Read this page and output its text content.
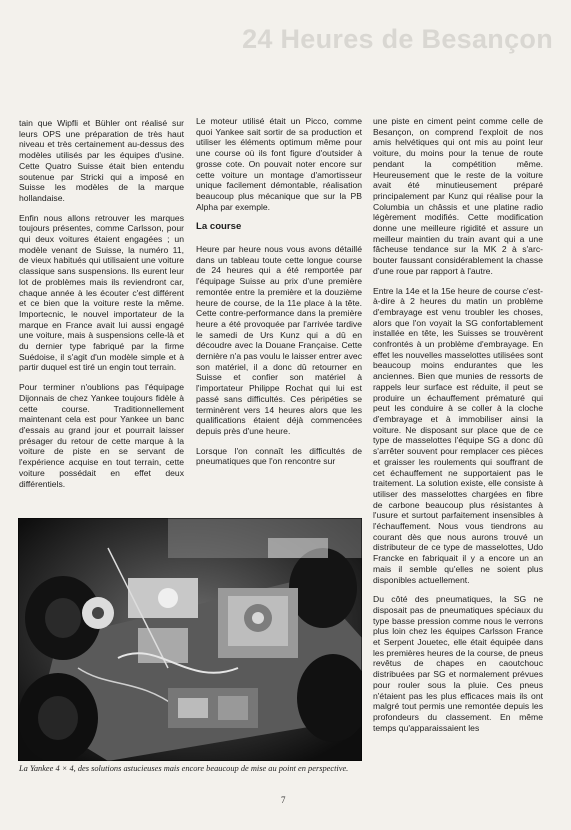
24 Heures de Besançon

tain que Wipfli et Bühler ont réalisé sur leurs OPS une préparation de très haut niveau et très certainement au-dessus des modèles utilisés par les équipes d'usine. Cette Quatro Suisse était bien entendu soutenue par Stricki qui a imposé en Suisse les modèles de la marque hollandaise.

Enfin nous allons retrouver les marques toujours présentes, comme Carlsson, pour qui deux voitures étaient engagées ; un modèle venant de Suisse, la numéro 11, de vieux habitués qui utilisaient une voiture classique sans suspensions. Ils eurent leur lot de problèmes mais ils reviendront car, chaque année à les écouter c'est différent et ce bien que la voiture reste la même. Importecnic, le nouvel importateur de la marque en France avait lui aussi engagé une voiture, mais à suspensions celle-là et du dernier type fabriqué par la firme Suédoise, il s'agit d'un modèle simple et à partir duquel est tiré un engin tout terrain.

Pour terminer n'oublions pas l'équipage Dijonnais de chez Yankee toujours fidèle à cette course. Traditionnellement maintenant cela est pour Yankee un banc d'essais au grand jour et pourrait laisser présager du retour de cette marque à la voiture de piste en se servant de l'expérience acquise en tout terrain, cette voiture possédait en effet deux différentiels.

Le moteur utilisé était un Picco, comme quoi Yankee sait sortir de sa production et utiliser les éléments optimum même pour une course où ils font figure d'outsider à grosse cote. On pouvait noter encore sur cette voiture un montage d'amortisseur unique facilement démontable, réalisation beaucoup plus mécanique que sur la PB Alpha par exemple.

La course

Heure par heure nous vous avons détaillé dans un tableau toute cette longue course de 24 heures qui a été remportée par l'équipage Suisse au prix d'une première remontée entre la première et la douzième heure de course, de la 11e place à la tête. Cette contre-performance dans la première heure a été provoquée par l'arrivée tardive le samedi de Urs Kunz qui a dû en découdre avec la Douane Française. Cette dernière n'a pas voulu le laisser entrer avec son matériel, il a donc dû retourner en Suisse et confier son matériel à l'importateur Philippe Rochat qui lui est passé sans difficultés. Ces péripéties se terminèrent vers 14 heures alors que les qualifications étaient déjà commencées depuis près d'une heure.

Lorsque l'on connaît les difficultés de pneumatiques que l'on rencontre sur

une piste en ciment peint comme celle de Besançon, on comprend l'exploit de nos amis helvétiques qui ont mis au point leur voiture, du moins pour la tenue de route pendant la compétition même. Heureusement que le reste de la voiture avait été minutieusement préparé principalement par Kunz qui réalise pour la Columbia un châssis et une platine radio légèrement modifiés. Cette modification donne une meilleure rigidité et assure un meilleur maintien du train avant qui a une fâcheuse tendance sur la MK 2 à s'arc-bouter faussant considérablement la chasse d'une roue par rapport à l'autre.

Entre la 14e et la 15e heure de course c'est-à-dire à 2 heures du matin un problème d'embrayage est venu troubler les choses, alors que l'on voyait la SG confortablement installée en tête, les Suisses se trouvèrent confrontés à un problème d'embrayage. En effet les nouvelles masselottes utilisées sont beaucoup moins endurantes que les anciennes. Bien que munies de ressorts de rappels leur surface est réduite, il peut se produire un échauffement prématuré qui peut les conduire à se coller à la cloche d'embrayage et à immobiliser ainsi la voiture. Ne disposant sur place que de ce type de masselottes l'équipe SG a donc dû s'arrêter souvent pour remplacer ces pièces et graisser les roulements qui souffrant de cet échauffement ne supportaient pas le traitement. La solution existe, elle consiste à utiliser des masselottes chargées en fibre de carbone beaucoup plus résistantes à l'usure et surtout parfaitement insensibles à l'échauffement. Nous vous tiendrons au courant dès que nous aurons trouvé un distributeur de ce type de masselottes, Udo Francke en fabriquait il y a encore un an mais il semble qu'elles ne soient plus disponibles actuellement.

Du côté des pneumatiques, la SG ne disposait pas de pneumatiques spéciaux du type basse pression comme nous le verrons plus loin chez les équipes Carlsson France et Serpent Jouetec, elle était équipée dans les premières heures de la course, de pneus revêtus de chapes en caoutchouc distribuées par SG et normalement prévues pour rouler sous la pluie. Ces pneus n'étaient pas les plus efficaces mais ils ont malgré tout permis une remontée depuis les profondeurs du classement. En même temps qu'apparaissaient les

La Yankee 4 × 4, des solutions astucieuses mais encore beaucoup de mise au point en perspective.
7
